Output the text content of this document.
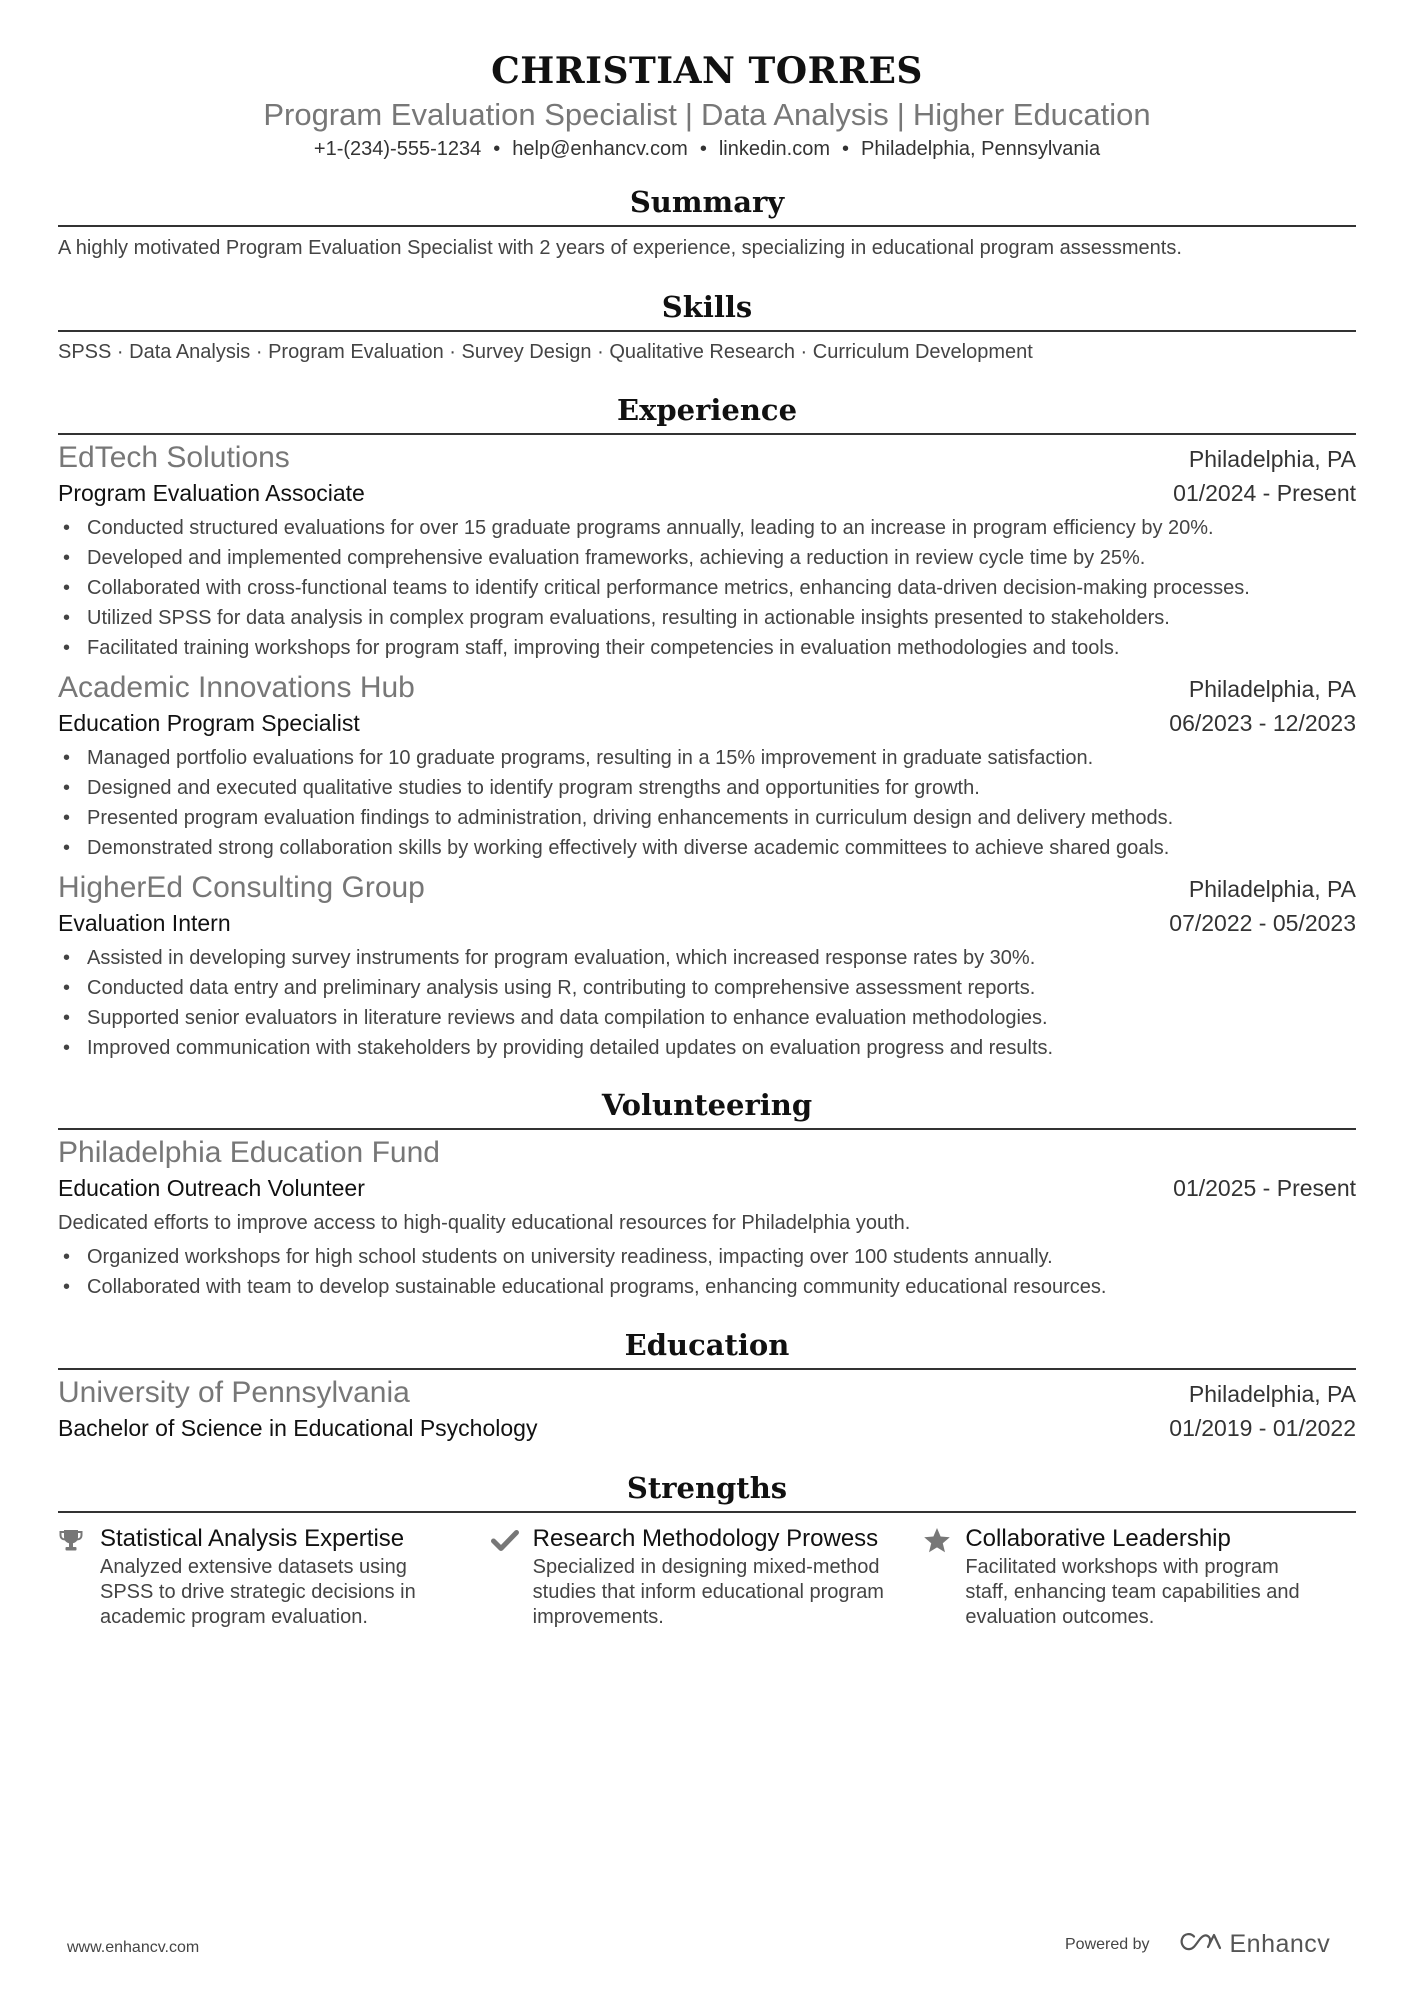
CHRISTIAN TORRES
Program Evaluation Specialist | Data Analysis | Higher Education
+1-(234)-555-1234 • help@enhancv.com • linkedin.com • Philadelphia, Pennsylvania
Summary
A highly motivated Program Evaluation Specialist with 2 years of experience, specializing in educational program assessments.
Skills
SPSS · Data Analysis · Program Evaluation · Survey Design · Qualitative Research · Curriculum Development
Experience
EdTech Solutions	Philadelphia, PA
Program Evaluation Associate	01/2024 - Present
• Conducted structured evaluations for over 15 graduate programs annually, leading to an increase in program efficiency by 20%.
• Developed and implemented comprehensive evaluation frameworks, achieving a reduction in review cycle time by 25%.
• Collaborated with cross-functional teams to identify critical performance metrics, enhancing data-driven decision-making processes.
• Utilized SPSS for data analysis in complex program evaluations, resulting in actionable insights presented to stakeholders.
• Facilitated training workshops for program staff, improving their competencies in evaluation methodologies and tools.
Academic Innovations Hub	Philadelphia, PA
Education Program Specialist	06/2023 - 12/2023
• Managed portfolio evaluations for 10 graduate programs, resulting in a 15% improvement in graduate satisfaction.
• Designed and executed qualitative studies to identify program strengths and opportunities for growth.
• Presented program evaluation findings to administration, driving enhancements in curriculum design and delivery methods.
• Demonstrated strong collaboration skills by working effectively with diverse academic committees to achieve shared goals.
HigherEd Consulting Group	Philadelphia, PA
Evaluation Intern	07/2022 - 05/2023
• Assisted in developing survey instruments for program evaluation, which increased response rates by 30%.
• Conducted data entry and preliminary analysis using R, contributing to comprehensive assessment reports.
• Supported senior evaluators in literature reviews and data compilation to enhance evaluation methodologies.
• Improved communication with stakeholders by providing detailed updates on evaluation progress and results.
Volunteering
Philadelphia Education Fund
Education Outreach Volunteer	01/2025 - Present
Dedicated efforts to improve access to high-quality educational resources for Philadelphia youth.
• Organized workshops for high school students on university readiness, impacting over 100 students annually.
• Collaborated with team to develop sustainable educational programs, enhancing community educational resources.
Education
University of Pennsylvania	Philadelphia, PA
Bachelor of Science in Educational Psychology	01/2019 - 01/2022
Strengths
Statistical Analysis Expertise
Analyzed extensive datasets using SPSS to drive strategic decisions in academic program evaluation.
Research Methodology Prowess
Specialized in designing mixed-method studies that inform educational program improvements.
Collaborative Leadership
Facilitated workshops with program staff, enhancing team capabilities and evaluation outcomes.
www.enhancv.com	Powered by	Enhancv
